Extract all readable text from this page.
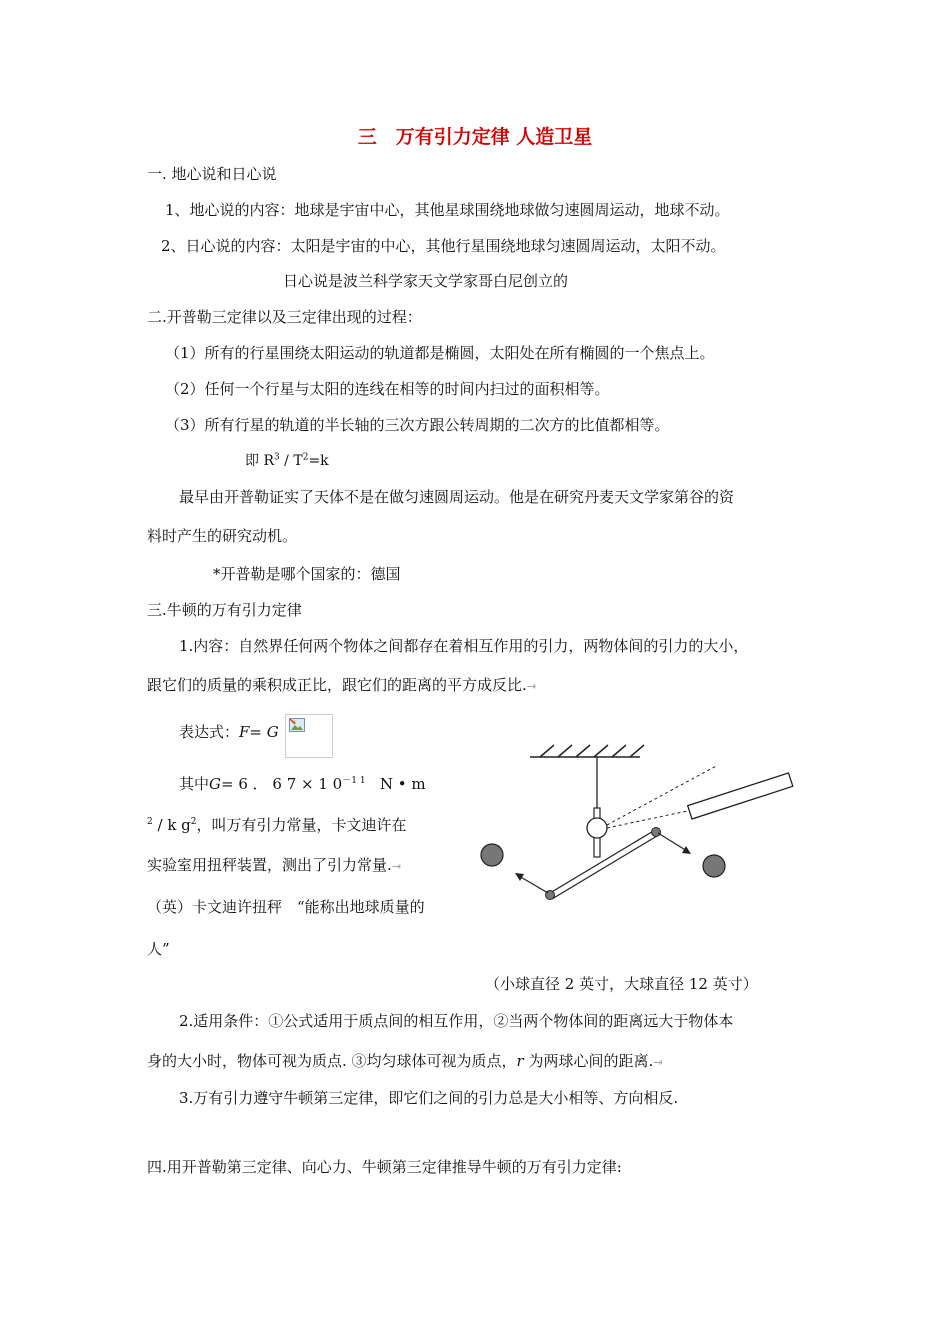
三　万有引力定律 人造卫星
一. 地心说和日心说
1、地心说的内容：地球是宇宙中心，其他星球围绕地球做匀速圆周运动，地球不动。
2、日心说的内容：太阳是宇宙的中心，其他行星围绕地球匀速圆周运动，太阳不动。
日心说是波兰科学家天文学家哥白尼创立的
二.开普勒三定律以及三定律出现的过程：
（1）所有的行星围绕太阳运动的轨道都是椭圆，太阳处在所有椭圆的一个焦点上。
（2）任何一个行星与太阳的连线在相等的时间内扫过的面积相等。
（3）所有行星的轨道的半长轴的三次方跟公转周期的二次方的比值都相等。
即 $R^3 / T^2=k$
最早由开普勒证实了天体不是在做匀速圆周运动。他是在研究丹麦天文学家第谷的资
料时产生的研究动机。
*开普勒是哪个国家的：德国
三.牛顿的万有引力定律
1.内容：自然界任何两个物体之间都存在着相互作用的引力，两物体间的引力的大小，
跟它们的质量的乘积成正比，跟它们的距离的平方成反比.⇥
表达式：F= G
其中G= 6 ． 6 7 × 1 $0^{-1 1}$ N • m
$^2$ / k $g^2$，叫万有引力常量，卡文迪许在
实验室用扭秤装置，测出了引力常量.⇥
（英）卡文迪许扭秤　“能称出地球质量的
人”
（小球直径 2 英寸，大球直径 12 英寸）
2.适用条件：①公式适用于质点间的相互作用，②当两个物体间的距离远大于物体本
身的大小时，物体可视为质点. ③均匀球体可视为质点，r 为两球心间的距离.⇥
3.万有引力遵守牛顿第三定律，即它们之间的引力总是大小相等、方向相反.
四.用开普勒第三定律、向心力、牛顿第三定律推导牛顿的万有引力定律:
